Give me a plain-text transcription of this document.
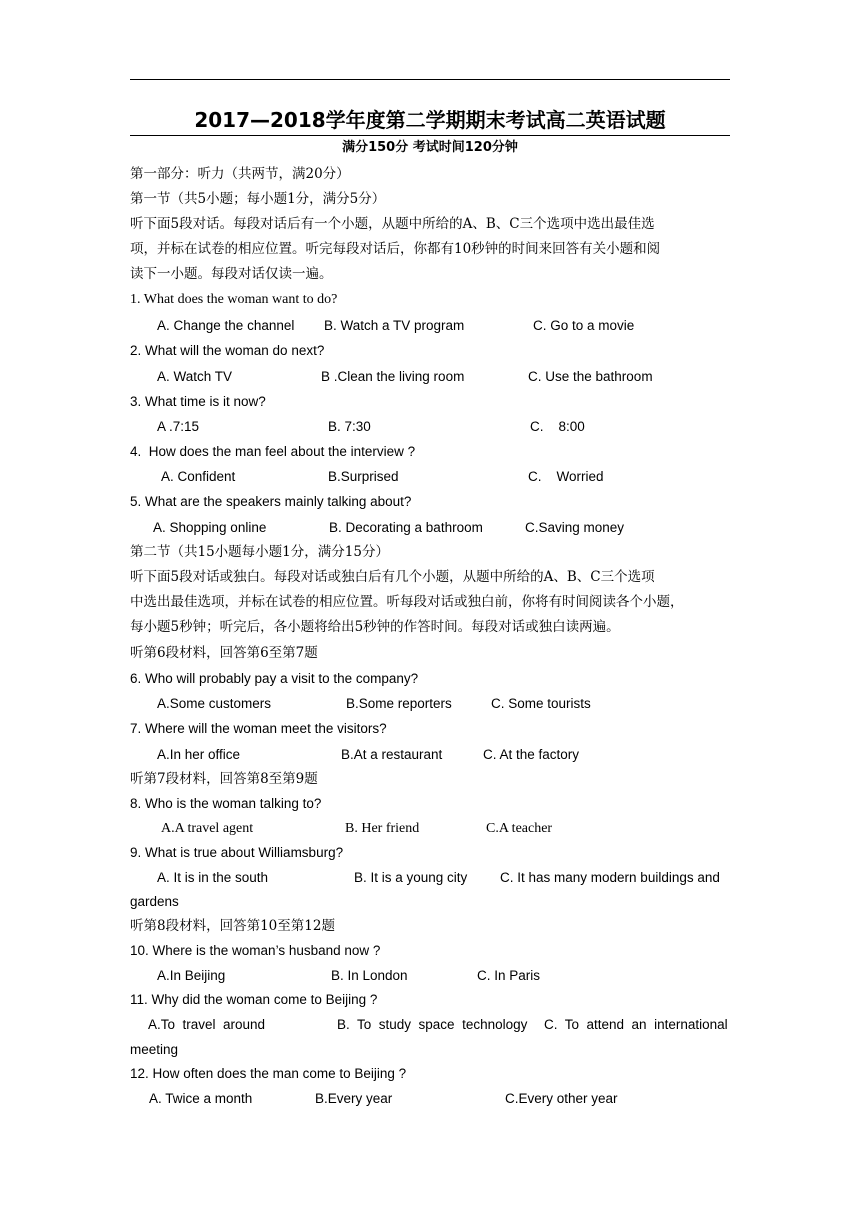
2017—2018学年度第二学期期末考试高二英语试题
满分150分 考试时间120分钟
第一部分：听力（共两节，满20分）
第一节（共5小题；每小题1分，满分5分）
听下面5段对话。每段对话后有一个小题，从题中所给的A、B、C三个选项中选出最佳选
项，并标在试卷的相应位置。听完每段对话后，你都有10秒钟的时间来回答有关小题和阅
读下一小题。每段对话仅读一遍。
1. What does the woman want to do?
A. Change the channel B. Watch a TV program	C. Go to a movie
2. What will the woman do next?
A. Watch TV	B .Clean the living room	C. Use the bathroom
3. What time is it now?
A .7:15	B. 7:30	C.    8:00
4.  How does the man feel about the interview ?
A. Confident	B.Surprised	C.    Worried
5. What are the speakers mainly talking about?
A. Shopping online	B. Decorating a bathroom	C.Saving money
第二节（共15小题每小题1分，满分15分）
听下面5段对话或独白。每段对话或独白后有几个小题，从题中所给的A、B、C三个选项
中选出最佳选项，并标在试卷的相应位置。听每段对话或独白前，你将有时间阅读各个小题，
每小题5秒钟；听完后，各小题将给出5秒钟的作答时间。每段对话或独白读两遍。
听第6段材料，回答第6至第7题
6. Who will probably pay a visit to the company?
A.Some customers	B.Some reporters	C. Some tourists
7. Where will the woman meet the visitors?
A.In her office	B.At a restaurant	C. At the factory
听第7段材料，回答第8至第9题
8. Who is the woman talking to?
A.A travel agent	B. Her friend	C.A teacher
9. What is true about Williamsburg?
A. It is in the south	B. It is a young city C. It has many modern buildings and
gardens
听第8段材料，回答第10至第12题
10. Where is the woman’s husband now ?
A.In Beijing	B. In London	C. In Paris
11. Why did the woman come to Beijing ?
A.To  travel  around	B.  To  study  space  technology C.  To  attend  an  international
meeting
12. How often does the man come to Beijing ?
A. Twice a month	B.Every year	C.Every other year
